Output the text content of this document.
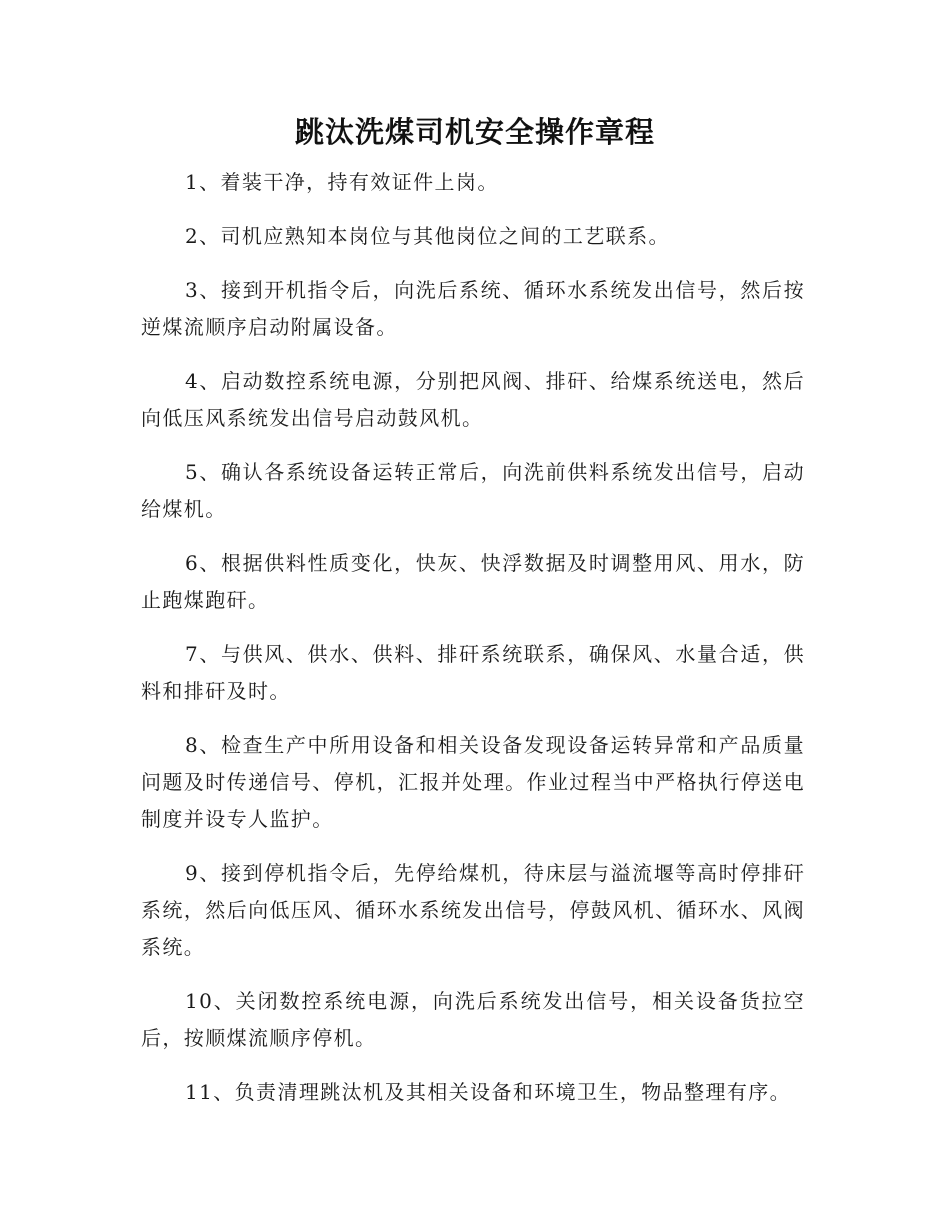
跳汰洗煤司机安全操作章程

1、着装干净，持有效证件上岗。

2、司机应熟知本岗位与其他岗位之间的工艺联系。

3、接到开机指令后，向洗后系统、循环水系统发出信号，然后按逆煤流顺序启动附属设备。

4、启动数控系统电源，分别把风阀、排矸、给煤系统送电，然后向低压风系统发出信号启动鼓风机。

5、确认各系统设备运转正常后，向洗前供料系统发出信号，启动给煤机。

6、根据供料性质变化，快灰、快浮数据及时调整用风、用水，防止跑煤跑矸。

7、与供风、供水、供料、排矸系统联系，确保风、水量合适，供料和排矸及时。

8、检查生产中所用设备和相关设备发现设备运转异常和产品质量问题及时传递信号、停机，汇报并处理。作业过程当中严格执行停送电制度并设专人监护。

9、接到停机指令后，先停给煤机，待床层与溢流堰等高时停排矸系统，然后向低压风、循环水系统发出信号，停鼓风机、循环水、风阀系统。

10、关闭数控系统电源，向洗后系统发出信号，相关设备货拉空后，按顺煤流顺序停机。

11、负责清理跳汰机及其相关设备和环境卫生，物品整理有序。
